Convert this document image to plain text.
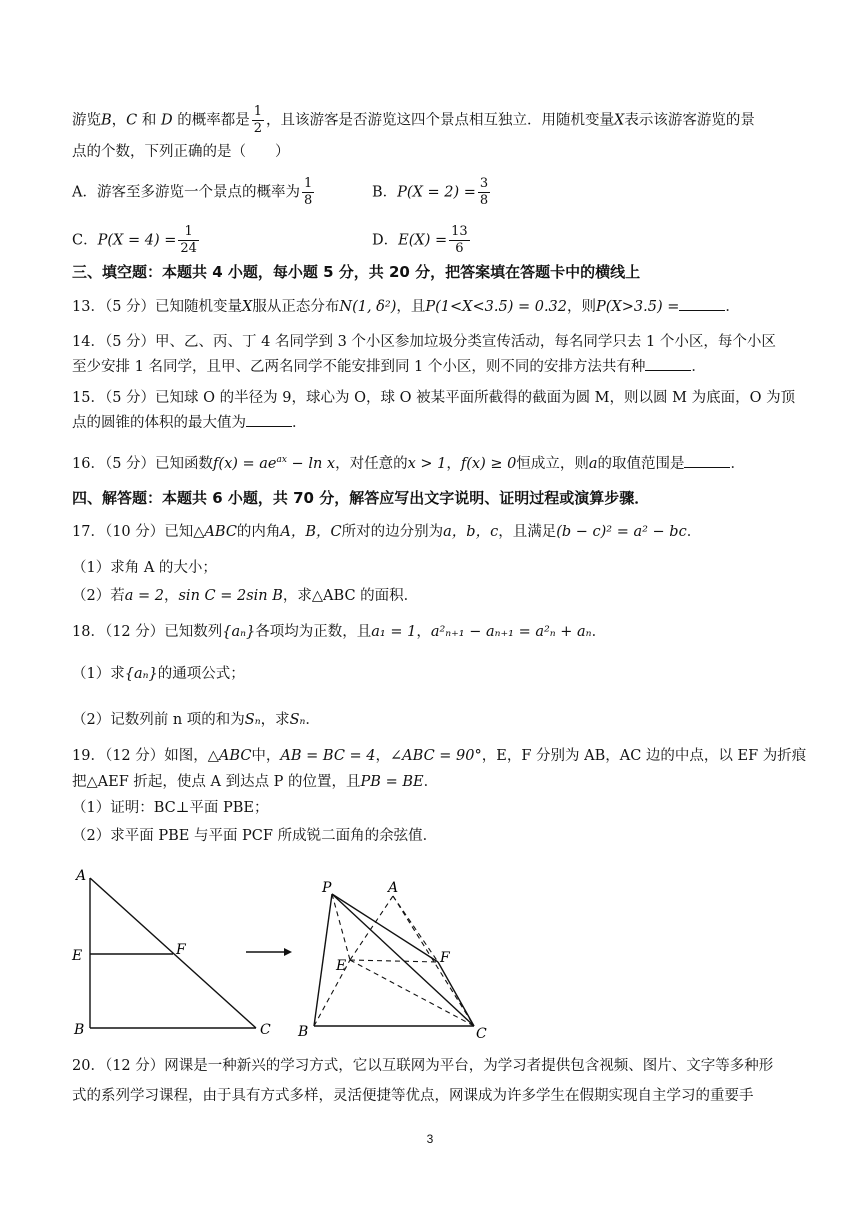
游览B，C 和 D 的概率都是 $\frac{1}{2}$ ，且该游客是否游览这四个景点相互独立．用随机变量X表示该游客游览的景
点的个数，下列正确的是（　　）
A．游客至多游览一个景点的概率为 $\frac{1}{8}$	B．$P(X = 2) = \frac{3}{8}$
C．$P(X = 4) = \frac{1}{24}$	D．$E(X) = \frac{13}{6}$
三、填空题：本题共 4 小题，每小题 5 分，共 20 分，把答案填在答题卡中的横线上
13．（5 分）已知随机变量X服从正态分布N(1, δ²)，且P(1<X<3.5) = 0.32，则P(X>3.5) =	．
14．（5 分）甲、乙、丙、丁 4 名同学到 3 个小区参加垃圾分类宣传活动，每名同学只去 1 个小区，每个小区
至少安排 1 名同学，且甲、乙两名同学不能安排到同 1 个小区，则不同的安排方法共有种	．
15．（5 分）已知球 O 的半径为 9，球心为 O，球 O 被某平面所截得的截面为圆 M，则以圆 M 为底面，O 为顶
点的圆锥的体积的最大值为	．
16．（5 分）已知函数$f(x) = ae^{ax} - \ln x$，对任意的x > 1，f(x) ≥ 0恒成立，则a的取值范围是	．
四、解答题：本题共 6 小题，共 70 分，解答应写出文字说明、证明过程或演算步骤．
17．（10 分）已知△ABC的内角A，B，C所对的边分别为a，b，c，且满足(b − c)² = a² − bc．
（1）求角 A 的大小；
（2）若a = 2，sin C = 2sin B，求△ABC 的面积．
18．（12 分）已知数列{aₙ}各项均为正数，且a₁ = 1，a²ₙ₊₁ − aₙ₊₁ = a²ₙ + aₙ．
（1）求{aₙ}的通项公式；
（2）记数列前 n 项的和为Sₙ，求Sₙ．
19．（12 分）如图，△ABC中，AB = BC = 4，∠ABC = 90°，E，F 分别为 AB，AC 边的中点，以 EF 为折痕
把△AEF 折起，使点 A 到达点 P 的位置，且PB = BE．
（1）证明：BC⊥平面 PBE；
（2）求平面 PBE 与平面 PCF 所成锐二面角的余弦值．
A
E	F
B	C
P	A
E	F
B	C
20．（12 分）网课是一种新兴的学习方式，它以互联网为平台，为学习者提供包含视频、图片、文字等多种形
式的系列学习课程，由于具有方式多样，灵活便捷等优点，网课成为许多学生在假期实现自主学习的重要手
3
